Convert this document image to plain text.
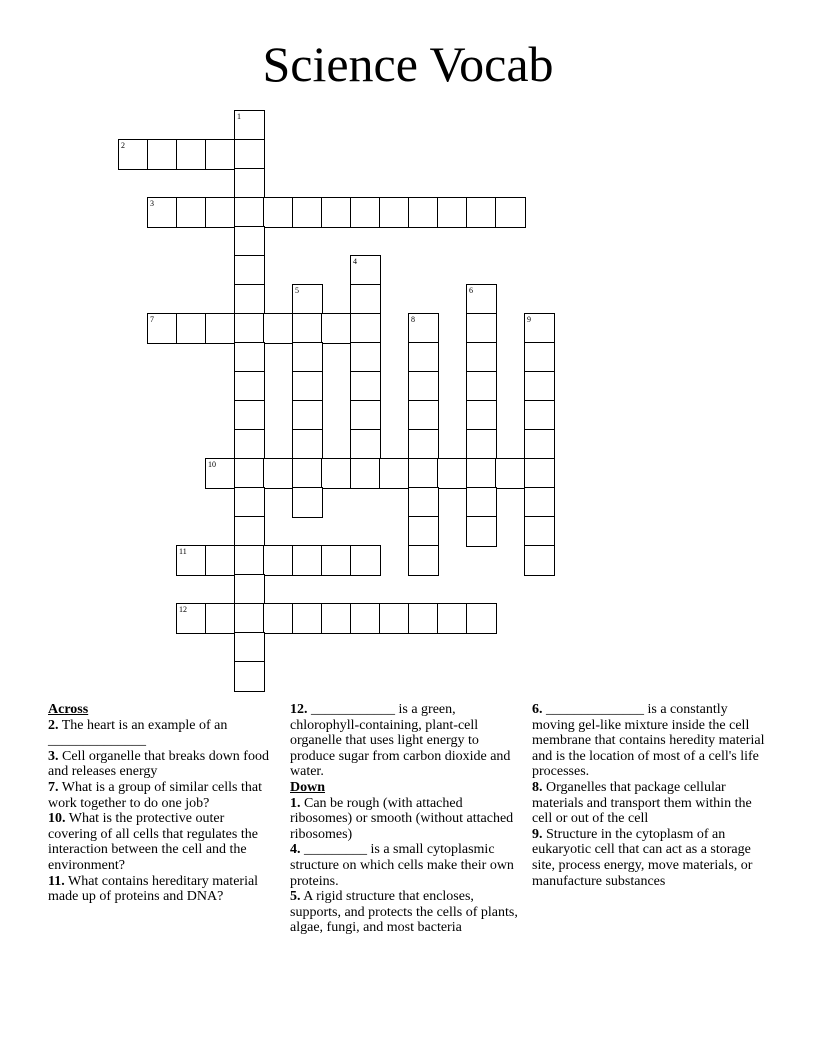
Science Vocab
1
2
3
4
5	6
7	8	9
10
11
12

Across

2. The heart is an example of an ______________

3. Cell organelle that breaks down food and releases energy

7. What is a group of similar cells that work together to do one job?

10. What is the protective outer covering of all cells that regulates the interaction between the cell and the environment?

11. What contains hereditary material made up of proteins and DNA?

12. ____________ is a green, chlorophyll-containing, plant-cell organelle that uses light energy to produce sugar from carbon dioxide and water.

Down

1. Can be rough (with attached ribosomes) or smooth (without attached ribosomes)

4. _________ is a small cytoplasmic structure on which cells make their own proteins.

5. A rigid structure that encloses, supports, and protects the cells of plants, algae, fungi, and most bacteria

6. ______________ is a constantly moving gel-like mixture inside the cell membrane that contains heredity material and is the location of most of a cell's life processes.

8. Organelles that package cellular materials and transport them within the cell or out of the cell

9. Structure in the cytoplasm of an eukaryotic cell that can act as a storage site, process energy, move materials, or manufacture substances
